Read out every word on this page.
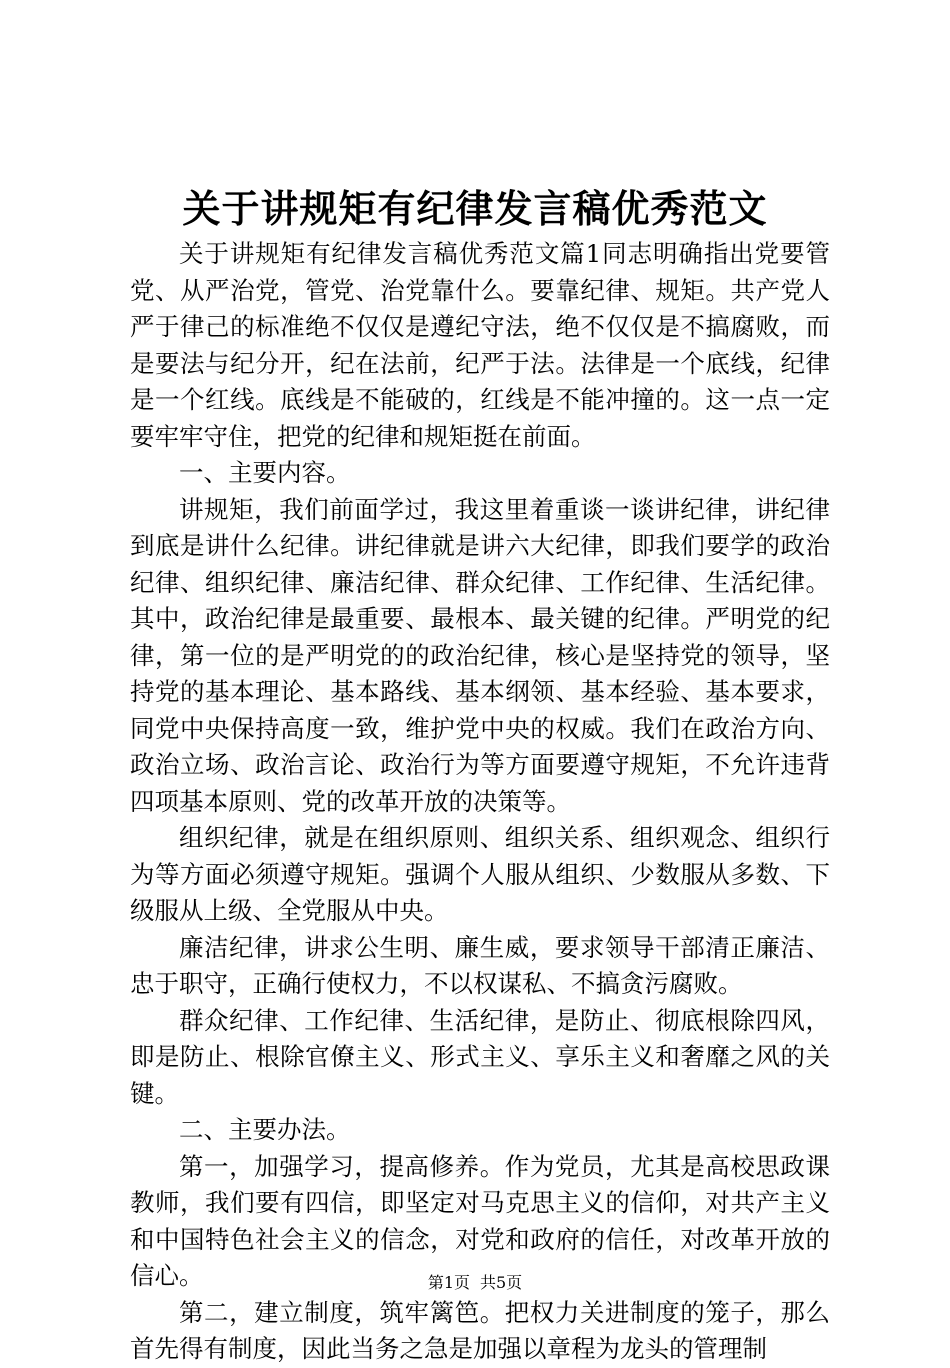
关于讲规矩有纪律发言稿优秀范文

关于讲规矩有纪律发言稿优秀范文篇1同志明确指出党要管党、从严治党，管党、治党靠什么。要靠纪律、规矩。共产党人严于律己的标准绝不仅仅是遵纪守法，绝不仅仅是不搞腐败，而是要法与纪分开，纪在法前，纪严于法。法律是一个底线，纪律是一个红线。底线是不能破的，红线是不能冲撞的。这一点一定要牢牢守住，把党的纪律和规矩挺在前面。

一、主要内容。

讲规矩，我们前面学过，我这里着重谈一谈讲纪律，讲纪律到底是讲什么纪律。讲纪律就是讲六大纪律，即我们要学的政治纪律、组织纪律、廉洁纪律、群众纪律、工作纪律、生活纪律。其中，政治纪律是最重要、最根本、最关键的纪律。严明党的纪律，第一位的是严明党的的政治纪律，核心是坚持党的领导，坚持党的基本理论、基本路线、基本纲领、基本经验、基本要求，同党中央保持高度一致，维护党中央的权威。我们在政治方向、政治立场、政治言论、政治行为等方面要遵守规矩，不允许违背四项基本原则、党的改革开放的决策等。

组织纪律，就是在组织原则、组织关系、组织观念、组织行为等方面必须遵守规矩。强调个人服从组织、少数服从多数、下级服从上级、全党服从中央。

廉洁纪律，讲求公生明、廉生威，要求领导干部清正廉洁、忠于职守，正确行使权力，不以权谋私、不搞贪污腐败。

群众纪律、工作纪律、生活纪律，是防止、彻底根除四风，即是防止、根除官僚主义、形式主义、享乐主义和奢靡之风的关键。

二、主要办法。

第一，加强学习，提高修养。作为党员，尤其是高校思政课教师，我们要有四信，即坚定对马克思主义的信仰，对共产主义和中国特色社会主义的信念，对党和政府的信任，对改革开放的信心。

第二，建立制度，筑牢篱笆。把权力关进制度的笼子，那么首先得有制度，因此当务之急是加强以章程为龙头的管理制

第1页 共5页
